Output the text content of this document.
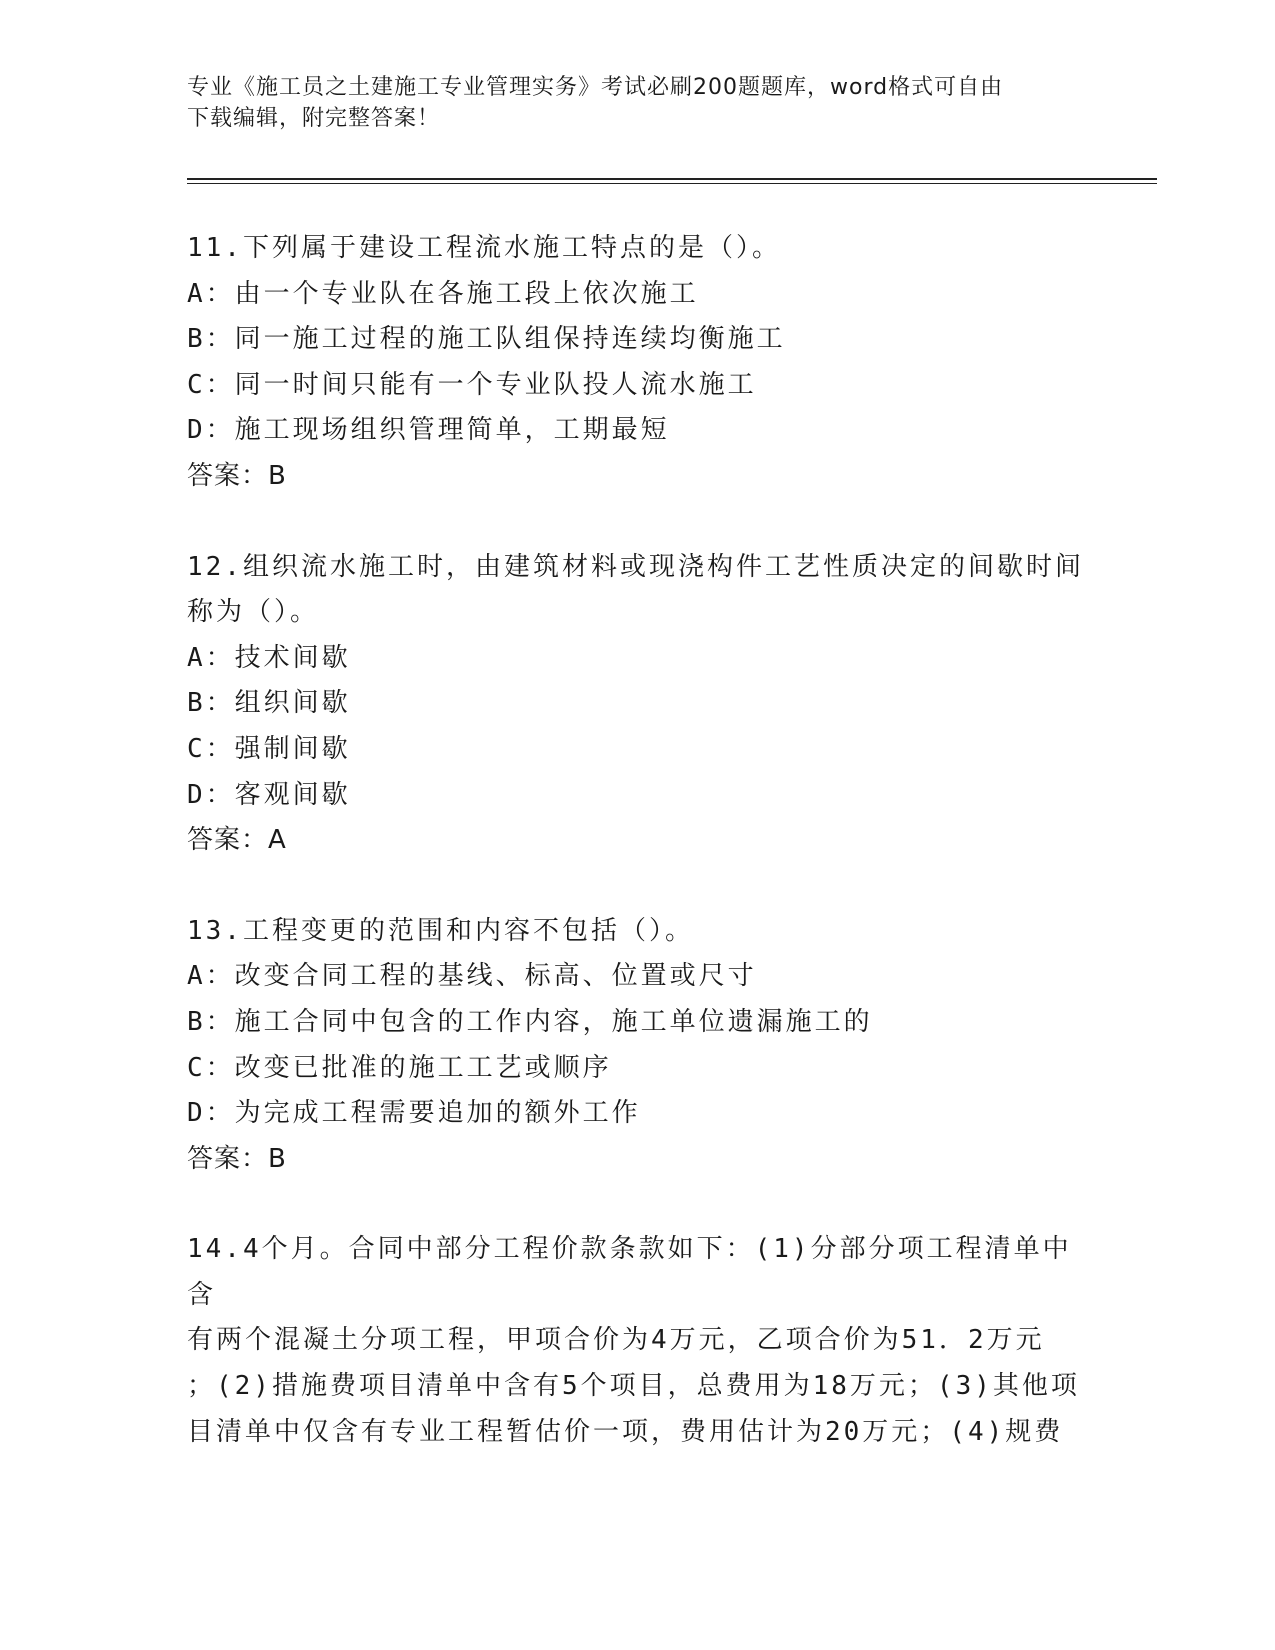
专业《施工员之土建施工专业管理实务》考试必刷200题题库，word格式可自由
下载编辑，附完整答案！

11.下列属于建设工程流水施工特点的是（）。

A：由一个专业队在各施工段上依次施工

B：同一施工过程的施工队组保持连续均衡施工

C：同一时间只能有一个专业队投人流水施工

D：施工现场组织管理简单，工期最短

答案：B

12.组织流水施工时，由建筑材料或现浇构件工艺性质决定的间歇时间

称为（）。

A：技术间歇

B：组织间歇

C：强制间歇

D：客观间歇

答案：A

13.工程变更的范围和内容不包括（）。

A：改变合同工程的基线、标高、位置或尺寸

B：施工合同中包含的工作内容，施工单位遗漏施工的

C：改变已批准的施工工艺或顺序

D：为完成工程需要追加的额外工作

答案：B

14.4个月。合同中部分工程价款条款如下：(1)分部分项工程清单中含

有两个混凝土分项工程，甲项合价为4万元，乙项合价为51．2万元

；(2)措施费项目清单中含有5个项目，总费用为18万元；(3)其他项

目清单中仅含有专业工程暂估价一项，费用估计为20万元；(4)规费
